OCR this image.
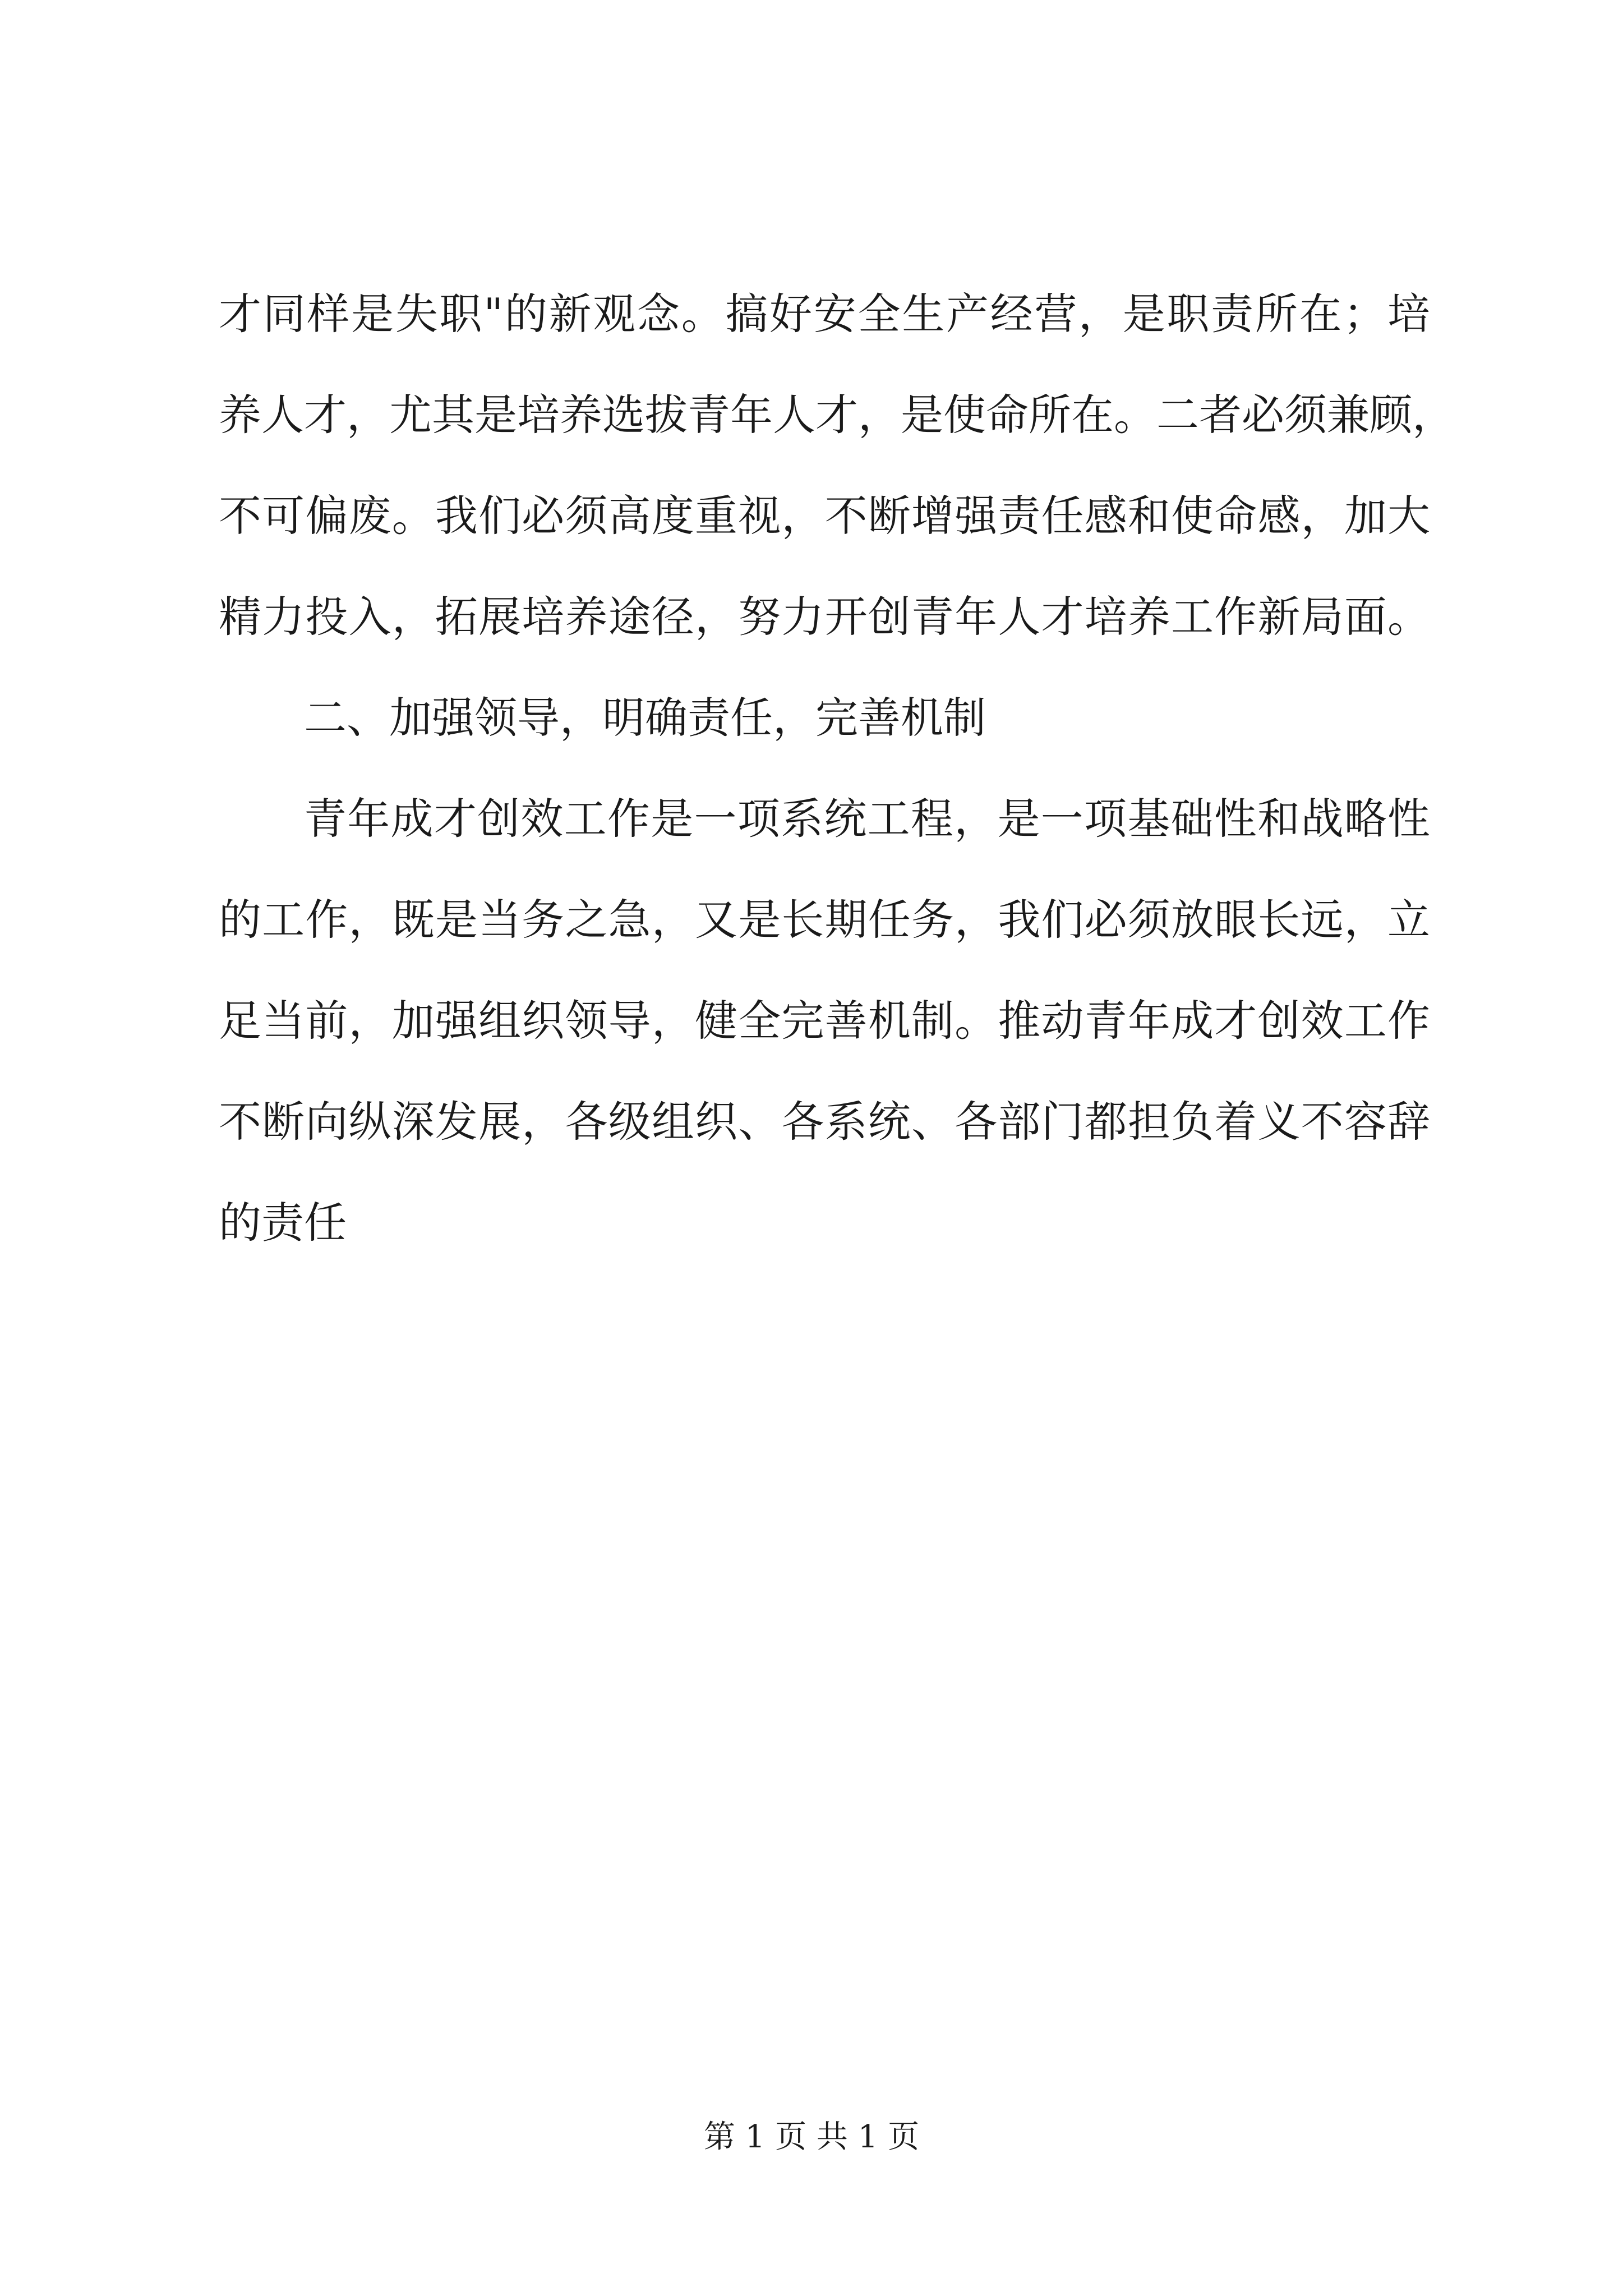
才同样是失职"的新观念。搞好安全生产经营，是职责所在；培
养人才，尤其是培养选拔青年人才，是使命所在。二者必须兼顾，
不可偏废。我们必须高度重视，不断增强责任感和使命感，加大
精力投入，拓展培养途径，努力开创青年人才培养工作新局面。
二、加强领导，明确责任，完善机制
青年成才创效工作是一项系统工程，是一项基础性和战略性
的工作，既是当务之急，又是长期任务，我们必须放眼长远，立
足当前，加强组织领导，健全完善机制。推动青年成才创效工作
不断向纵深发展，各级组织、各系统、各部门都担负着义不容辞
的责任
第 1 页 共 1 页
